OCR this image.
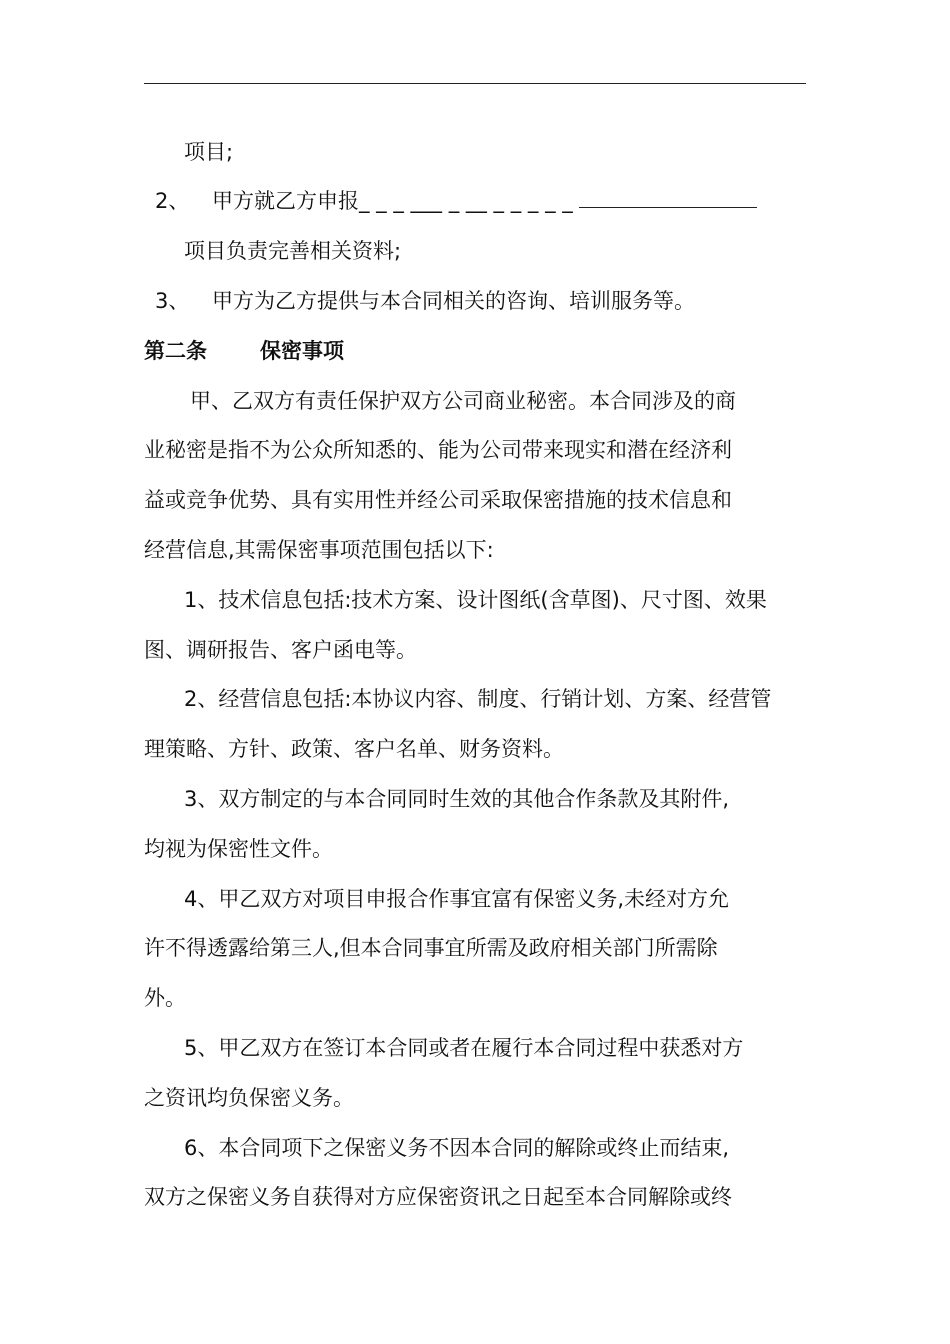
项目;
2、 甲方就乙方申报_ _ _ ___ _ __ _ _ _ _ _
项目负责完善相关资料;
3、 甲方为乙方提供与本合同相关的咨询、培训服务等。
第二条	保密事项
甲、乙双方有责任保护双方公司商业秘密。本合同涉及的商
业秘密是指不为公众所知悉的、能为公司带来现实和潜在经济利
益或竞争优势、具有实用性并经公司采取保密措施的技术信息和
经营信息,其需保密事项范围包括以下:
1、技术信息包括:技术方案、设计图纸(含草图)、尺寸图、效果
图、调研报告、客户函电等。
2、经营信息包括:本协议内容、制度、行销计划、方案、经营管
理策略、方针、政策、客户名单、财务资料。
3、双方制定的与本合同同时生效的其他合作条款及其附件,
均视为保密性文件。
4、甲乙双方对项目申报合作事宜富有保密义务,未经对方允
许不得透露给第三人,但本合同事宜所需及政府相关部门所需除
外。
5、甲乙双方在签订本合同或者在履行本合同过程中获悉对方
之资讯均负保密义务。
6、本合同项下之保密义务不因本合同的解除或终止而结束,
双方之保密义务自获得对方应保密资讯之日起至本合同解除或终
